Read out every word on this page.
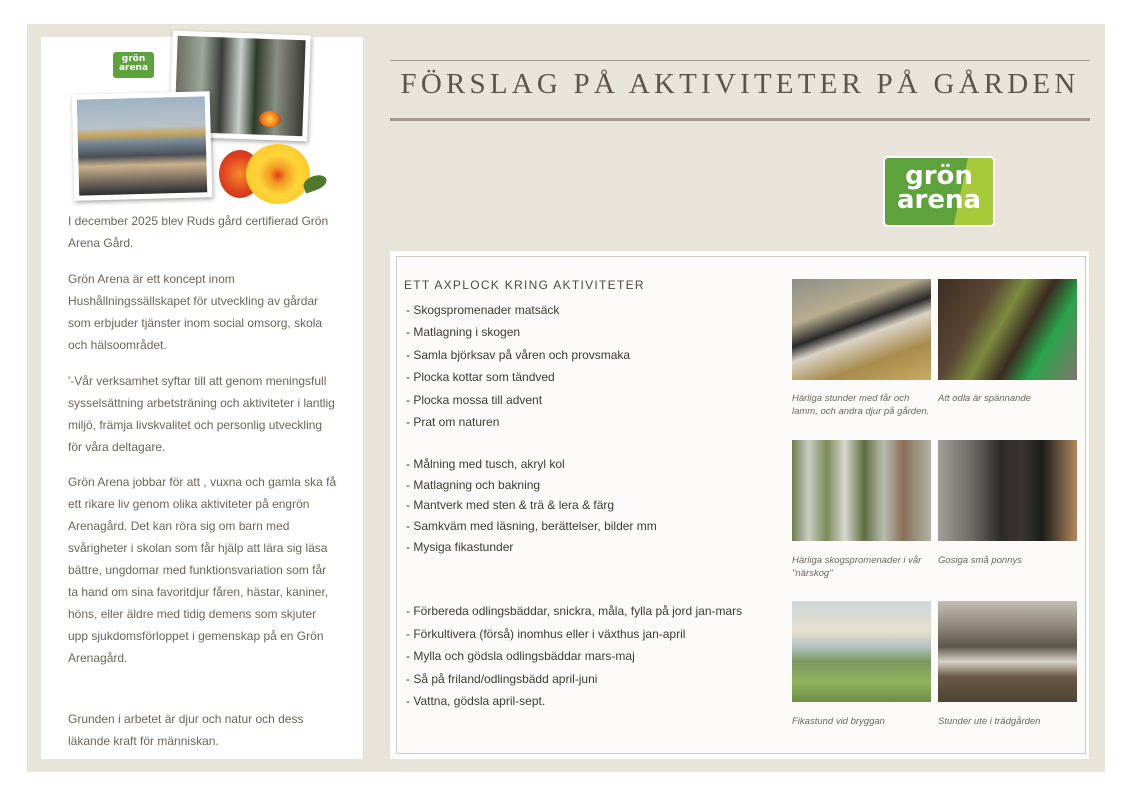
grön
arena

I december 2025 blev Ruds gård certifierad Grön Arena Gård.

Grön Arena är ett koncept inom Hushållningssällskapet för utveckling av gårdar som erbjuder tjänster inom social omsorg, skola och hälsoområdet.

'-Vår verksamhet syftar till att genom meningsfull sysselsättning arbetsträning och aktiviteter i lantlig miljö, främja livskvalitet och personlig utveckling för våra deltagare.

Grön Arena jobbar för att , vuxna och gamla ska få ett rikare liv genom olika aktiviteter på engrön Arenagård. Det kan röra sig om barn med svårigheter i skolan som får hjälp att lära sig läsa bättre, ungdomar med funktionsvariation som får ta hand om sina favoritdjur fåren, hästar, kaniner, höns, eller äldre med tidig demens som skjuter upp sjukdomsförloppet i gemenskap på en Grön Arenagård.

Grunden i arbetet är djur och natur och dess läkande kraft för människan.

FÖRSLAG PÅ AKTIVITETER PÅ GÅRDEN
grön
arena
ETT AXPLOCK KRING AKTIVITETER

- Skogspromenader matsäck

- Matlagning i skogen

- Samla björksav på våren och provsmaka

- Plocka kottar som tändved

- Plocka mossa till advent

- Prat om naturen

- Målning med tusch, akryl kol

- Matlagning och bakning

- Mantverk med sten & trä & lera & färg

- Samkväm med läsning, berättelser, bilder mm

- Mysiga fikastunder

- Förbereda odlingsbäddar, snickra, måla, fylla på jord jan-mars

- Förkultivera (förså) inomhus eller i växthus jan-april

- Mylla och gödsla odlingsbäddar mars-maj

- Så på friland/odlingsbädd april-juni

- Vattna, gödsla april-sept.

Härliga stunder med får och lamm, och andra djur på gården.

Att odla är spännande

Härliga skogspromenader i vår "närskog"

Gosiga små ponnys

Fikastund vid bryggan	Stunder ute i trädgården
